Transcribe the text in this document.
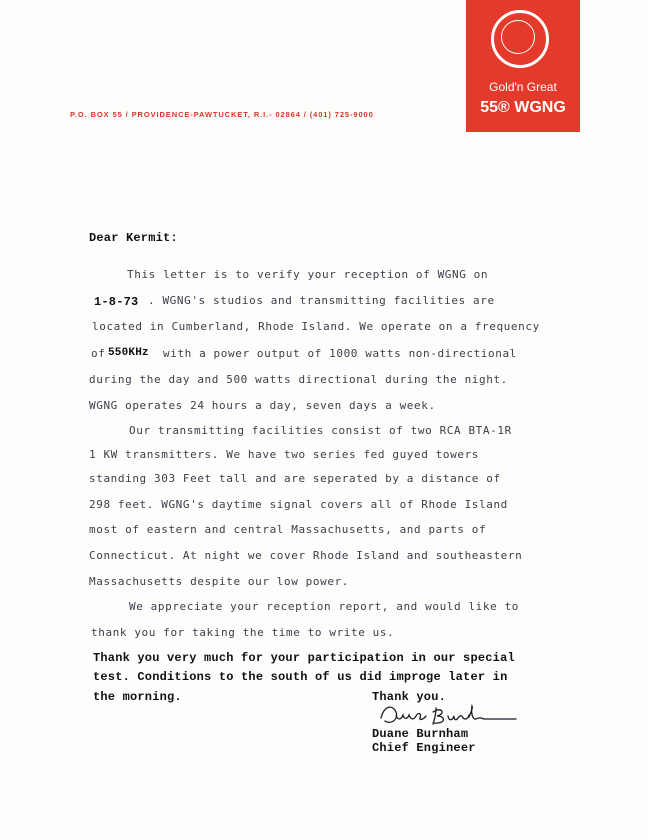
P.O. BOX 55 / PROVIDENCE-PAWTUCKET, R.I.- 02864 / (401) 725-9000
Gold'n Great
55® WGNG
Dear Kermit:
This letter is to verify your reception of WGNG on
1-8-73 . WGNG's studios and transmitting facilities are
located in Cumberland, Rhode Island. We operate on a frequency
of 550KHz with a power output of 1000 watts non-directional
during the day and 500 watts directional during the night.
WGNG operates 24 hours a day, seven days a week.
Our transmitting facilities consist of two RCA BTA-1R
1 KW transmitters. We have two series fed guyed towers
standing 303 Feet tall and are seperated by a distance of
298 feet. WGNG's daytime signal covers all of Rhode Island
most of eastern and central Massachusetts, and parts of
Connecticut. At night we cover Rhode Island and southeastern
Massachusetts despite our low power.
We appreciate your reception report, and would like to
thank you for taking the time to write us.
Thank you very much for your participation in our special
test. Conditions to the south of us did improge later in
the morning.	Thank you.
Duane Burnham
Chief Engineer
